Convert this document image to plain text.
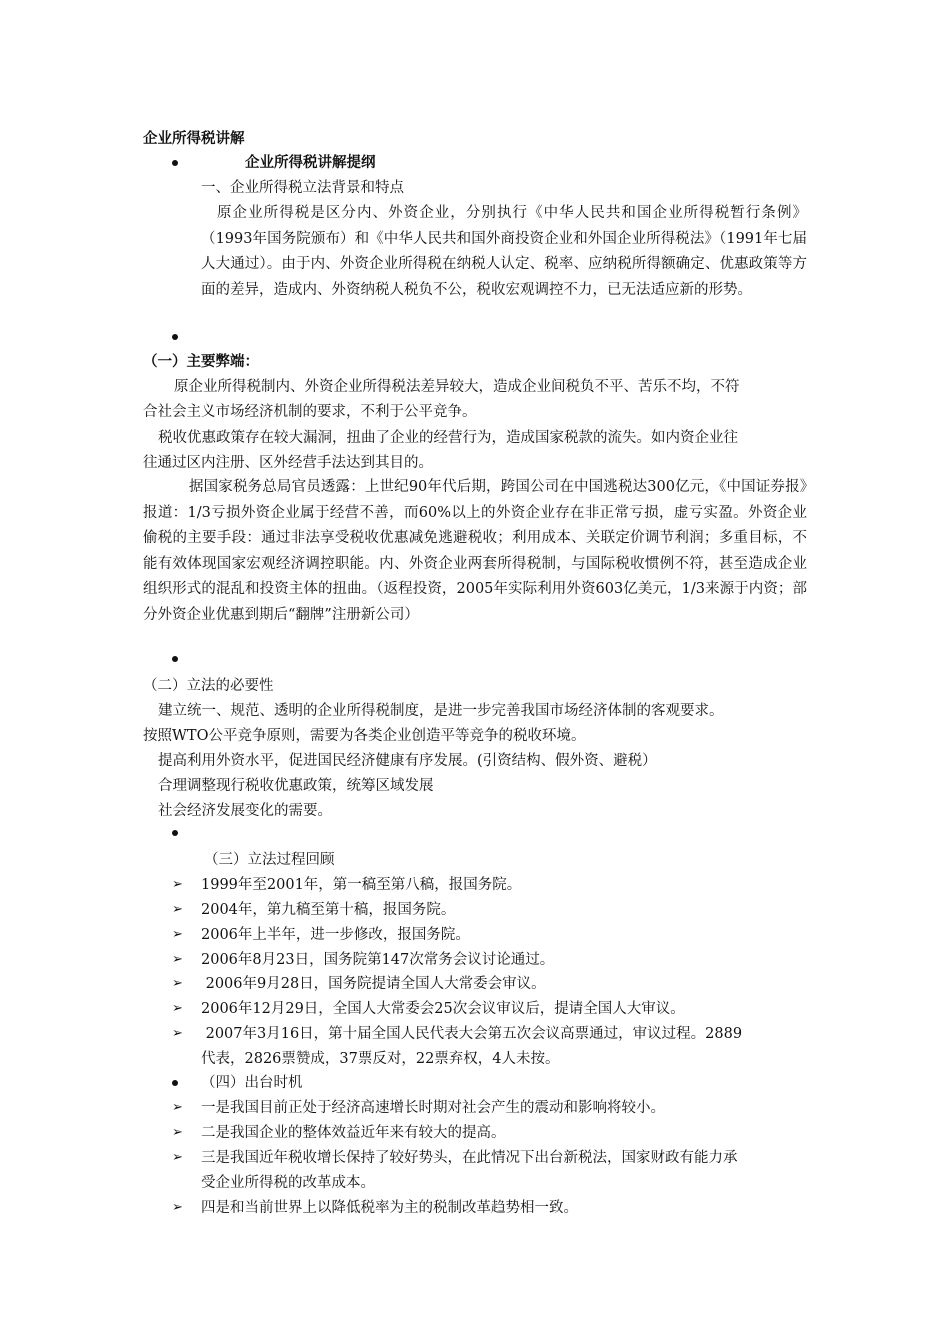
企业所得税讲解
企业所得税讲解提纲
一、企业所得税立法背景和特点
原企业所得税是区分内、外资企业，分别执行《中华人民共和国企业所得税暂行条例》（1993年国务院颁布）和《中华人民共和国外商投资企业和外国企业所得税法》（1991年七届人大通过）。由于内、外资企业所得税在纳税人认定、税率、应纳税所得额确定、优惠政策等方面的差异，造成内、外资纳税人税负不公，税收宏观调控不力，已无法适应新的形势。
（一）主要弊端：
原企业所得税制内、外资企业所得税法差异较大，造成企业间税负不平、苦乐不均，不符
合社会主义市场经济机制的要求，不利于公平竞争。
税收优惠政策存在较大漏洞，扭曲了企业的经营行为，造成国家税款的流失。如内资企业往
往通过区内注册、区外经营手法达到其目的。
据国家税务总局官员透露：上世纪90年代后期，跨国公司在中国逃税达300亿元，《中国证券报》报道：1/3亏损外资企业属于经营不善，而60%以上的外资企业存在非正常亏损，虚亏实盈。外资企业偷税的主要手段：通过非法享受税收优惠减免逃避税收；利用成本、关联定价调节利润；多重目标，不能有效体现国家宏观经济调控职能。内、外资企业两套所得税制，与国际税收惯例不符，甚至造成企业组织形式的混乱和投资主体的扭曲。（返程投资，2005年实际利用外资603亿美元，1/3来源于内资；部分外资企业优惠到期后“翻牌”注册新公司）
（二）立法的必要性
建立统一、规范、透明的企业所得税制度，是进一步完善我国市场经济体制的客观要求。
按照WTO公平竞争原则，需要为各类企业创造平等竞争的税收环境。
提高利用外资水平，促进国民经济健康有序发展。(引资结构、假外资、避税）
合理调整现行税收优惠政策，统筹区域发展
社会经济发展变化的需要。
（三）立法过程回顾
➢ 1999年至2001年，第一稿至第八稿，报国务院。
➢ 2004年，第九稿至第十稿，报国务院。
➢ 2006年上半年，进一步修改，报国务院。
➢ 2006年8月23日，国务院第147次常务会议讨论通过。
➢ 2006年9月28日，国务院提请全国人大常委会审议。
➢ 2006年12月29日，全国人大常委会25次会议审议后，提请全国人大审议。
➢ 2007年3月16日，第十届全国人民代表大会第五次会议高票通过，审议过程。2889
代表，2826票赞成，37票反对，22票弃权，4人未按。
（四）出台时机
➢ 一是我国目前正处于经济高速增长时期对社会产生的震动和影响将较小。
➢ 二是我国企业的整体效益近年来有较大的提高。
➢ 三是我国近年税收增长保持了较好势头，在此情况下出台新税法，国家财政有能力承
受企业所得税的改革成本。
➢ 四是和当前世界上以降低税率为主的税制改革趋势相一致。
